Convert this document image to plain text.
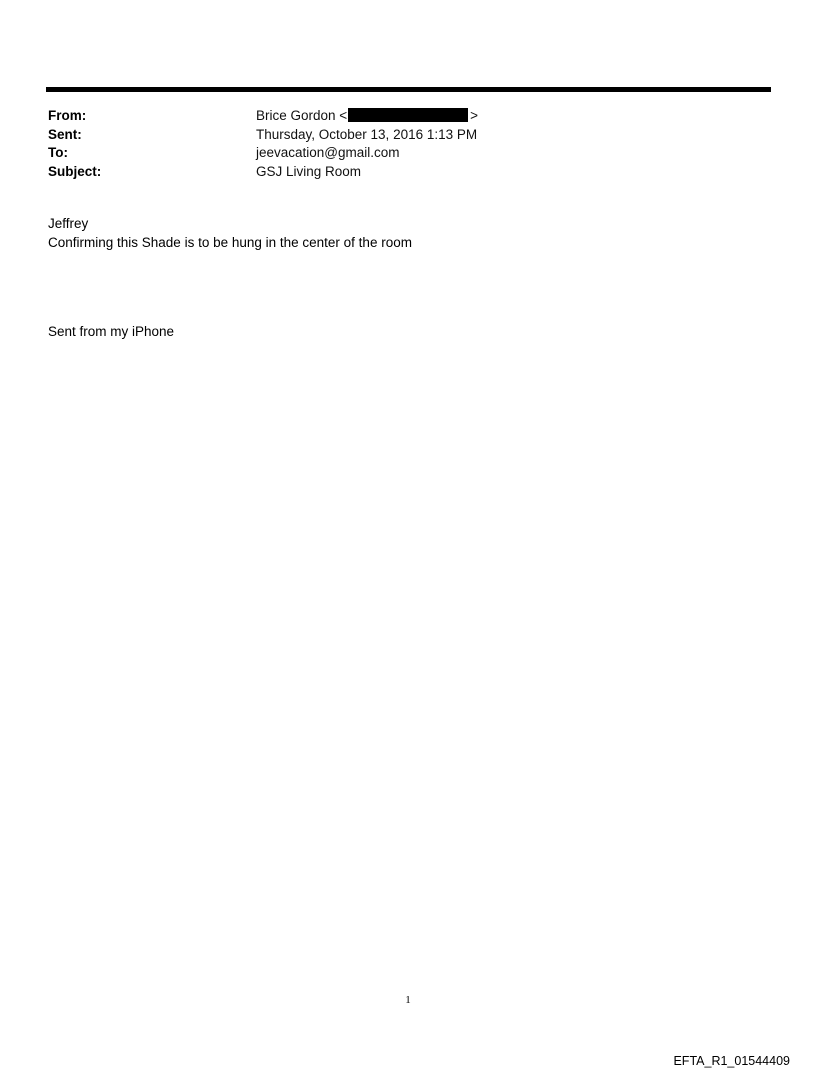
From:	Brice Gordon <	>
Sent:	Thursday, October 13, 2016 1:13 PM
To:	jeevacation@gmail.com
Subject:	GSJ Living Room
Jeffrey
Confirming this Shade is to be hung in the center of the room
Sent from my iPhone
1
EFTA_R1_01544409
